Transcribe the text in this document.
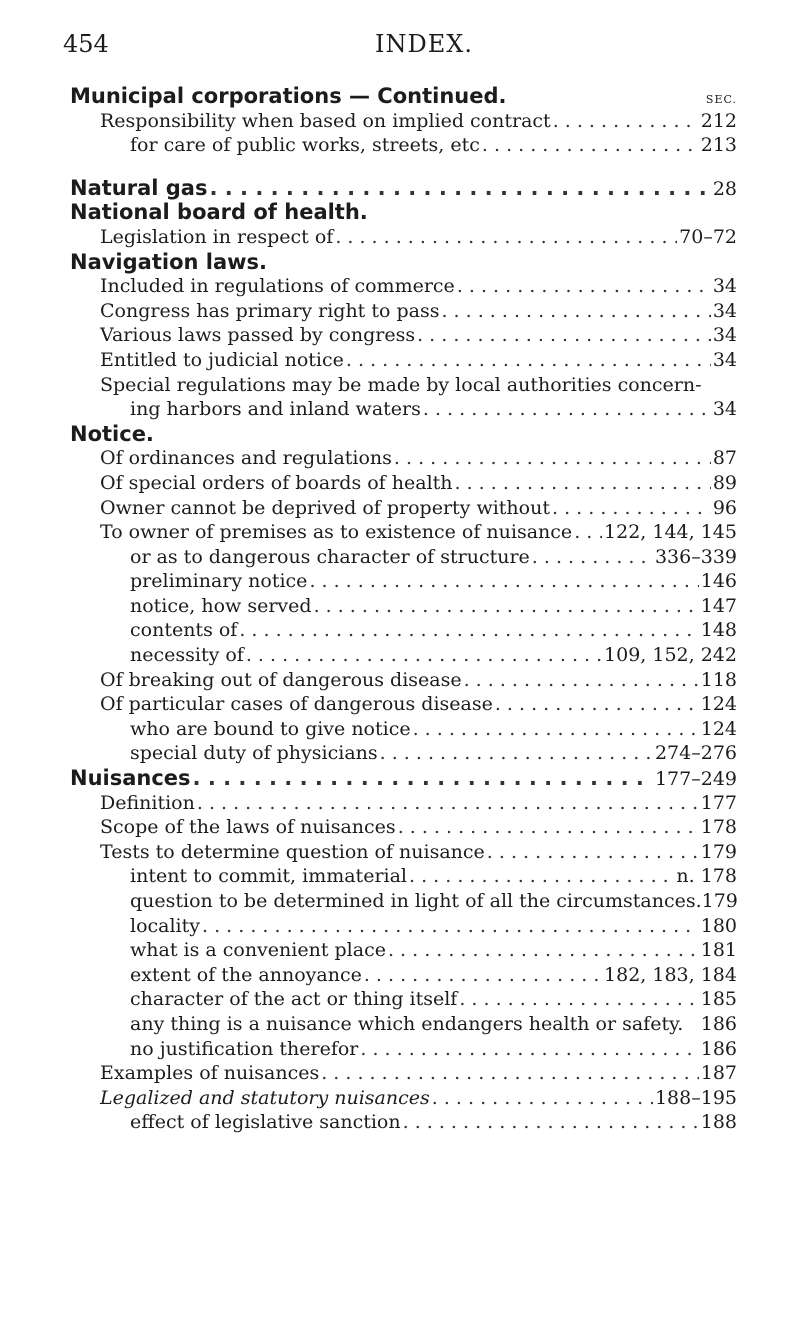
454	INDEX.
Municipal corporations — Continued.	SEC.
Responsibility when based on implied contract . . .	212
for care of public works, streets, etc . . .	213
Natural gas . . .	28
National board of health.
Legislation in respect of . . .	70–72
Navigation laws.
Included in regulations of commerce . . .	34
Congress has primary right to pass . . .	34
Various laws passed by congress . . .	34
Entitled to judicial notice . . .	34
Special regulations may be made by local authorities concern-
ing harbors and inland waters . . .	34
Notice.
Of ordinances and regulations . . .	87
Of special orders of boards of health . . .	89
Owner cannot be deprived of property without . . .	96
To owner of premises as to existence of nuisance . . . 122, 144, 145
or as to dangerous character of structure . . .	336–339
preliminary notice . . .	146
notice, how served . . .	147
contents of . . .	148
necessity of . . .	109, 152, 242
Of breaking out of dangerous disease . . .	118
Of particular cases of dangerous disease . . .	124
who are bound to give notice . . .	124
special duty of physicians . . .	274–276
Nuisances . . .	177–249
Definition . . .	177
Scope of the laws of nuisances . . .	178
Tests to determine question of nuisance . . .	179
intent to commit, immaterial . . .	n. 178
question to be determined in light of all the circumstances. 179
locality . . .	180
what is a convenient place . . .	181
extent of the annoyance . . .	182, 183, 184
character of the act or thing itself . . .	185
any thing is a nuisance which endangers health or safety. 186
no justification therefor . . .	186
Examples of nuisances . . .	187
Legalized and statutory nuisances . . .	188–195
effect of legislative sanction . . .	188
